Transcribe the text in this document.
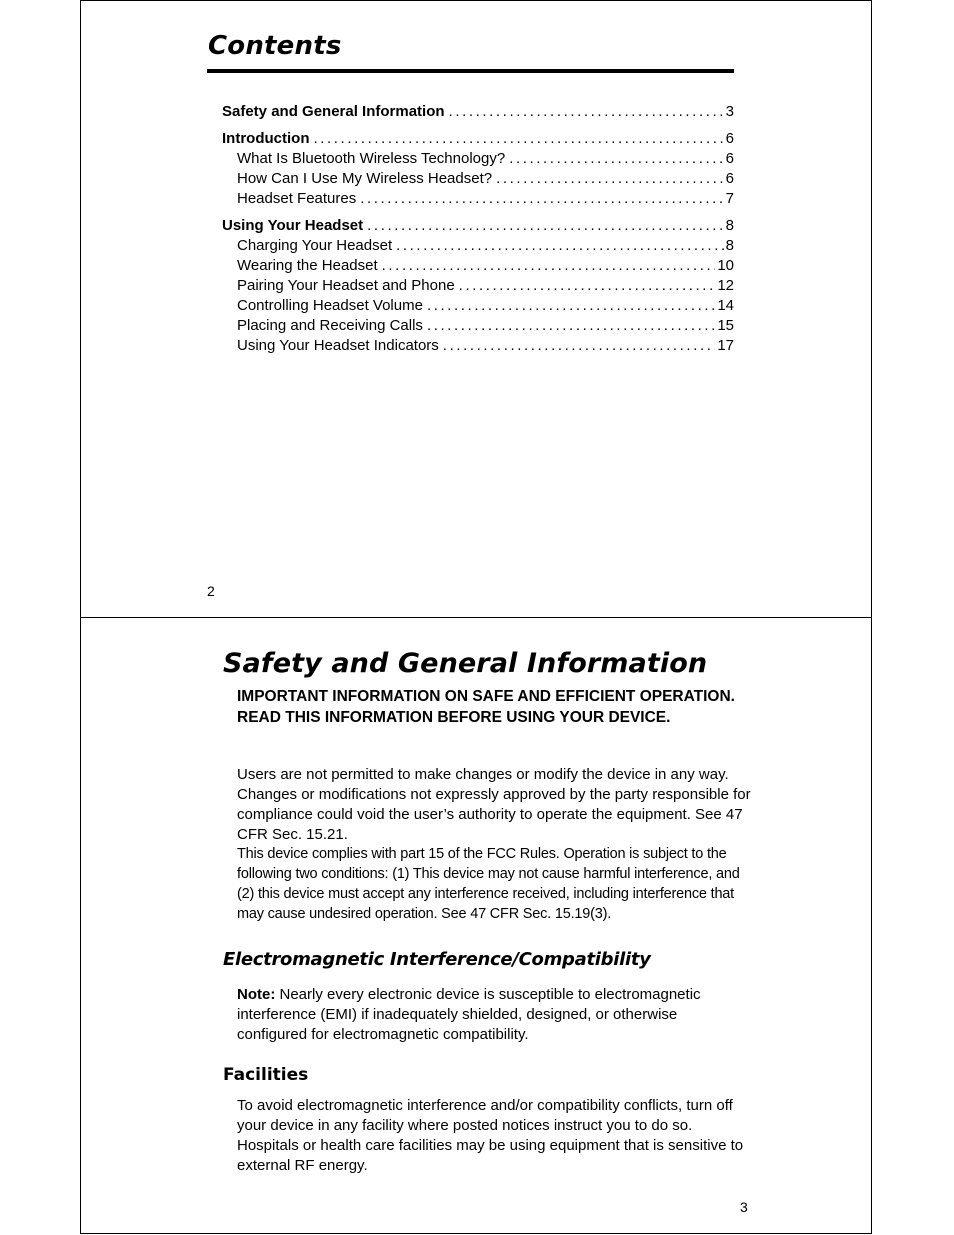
Contents
Safety and General Information .....	3
Introduction .....	6
What Is Bluetooth Wireless Technology? .....	6
How Can I Use My Wireless Headset? .....	6
Headset Features .....	7
Using Your Headset .....	8
Charging Your Headset .....	8
Wearing the Headset .....	10
Pairing Your Headset and Phone .....	12
Controlling Headset Volume .....	14
Placing and Receiving Calls .....	15
Using Your Headset Indicators .....	17
2
Safety and General Information
IMPORTANT INFORMATION ON SAFE AND EFFICIENT OPERATION. READ THIS INFORMATION BEFORE USING YOUR DEVICE.
Users are not permitted to make changes or modify the device in any way. Changes or modifications not expressly approved by the party responsible for compliance could void the user’s authority to operate the equipment. See 47 CFR Sec. 15.21.
This device complies with part 15 of the FCC Rules. Operation is subject to the following two conditions: (1) This device may not cause harmful interference, and (2) this device must accept any interference received, including interference that may cause undesired operation. See 47 CFR Sec. 15.19(3).
Electromagnetic Interference/Compatibility
Note: Nearly every electronic device is susceptible to electromagnetic interference (EMI) if inadequately shielded, designed, or otherwise configured for electromagnetic compatibility.
Facilities
To avoid electromagnetic interference and/or compatibility conflicts, turn off your device in any facility where posted notices instruct you to do so. Hospitals or health care facilities may be using equipment that is sensitive to external RF energy.
3
